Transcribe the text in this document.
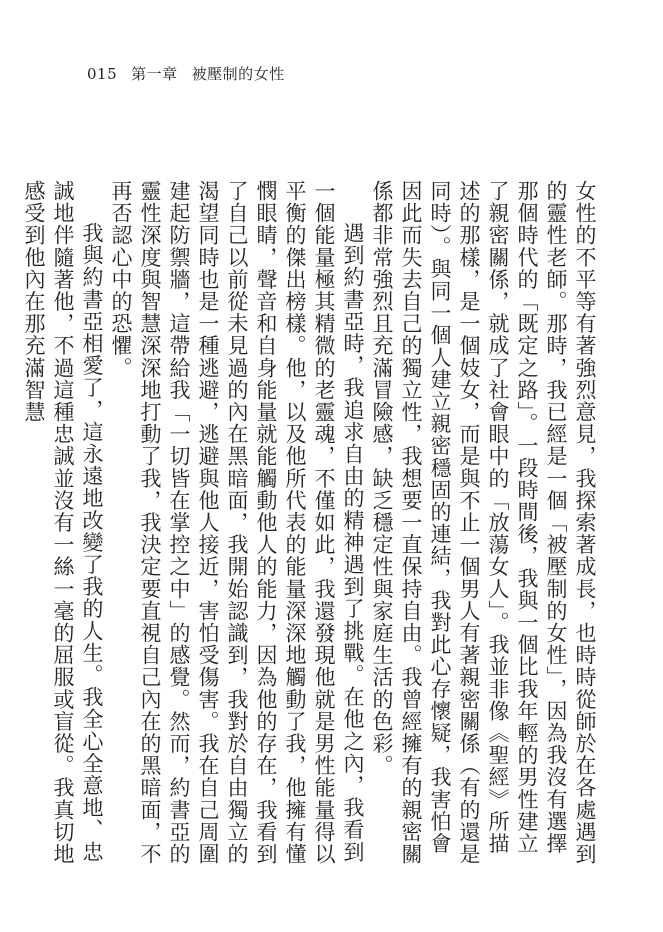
015 第一章 被壓制的女性

女性的不平等有著強烈意見，我探索著成長，也時時從師於在各處遇到的靈性老師。那時，我已經是一個「被壓制的女性」，因為我沒有選擇那個時代的「既定之路」。一段時間後，我與一個比我年輕的男性建立了親密關係，就成了社會眼中的「放蕩女人」。我並非像《聖經》所描述的那樣，是一個妓女，而是與不止一個男人有著親密關係（有的還是同時）。與同一個人建立親密穩固的連結，我對此心存懷疑，我害怕會因此而失去自己的獨立性，我想要一直保持自由。我曾經擁有的親密關係都非常強烈且充滿冒險感，缺乏穩定性與家庭生活的色彩。

遇到約書亞時，我追求自由的精神遇到了挑戰。在他之內，我看到一個能量極其精微的老靈魂，不僅如此，我還發現他就是男性能量得以平衡的傑出榜樣。他，以及他所代表的能量深深地觸動了我，他擁有懂憫眼睛，聲音和自身能量就能觸動他人的能力，因為他的存在，我看到了自己以前從未見過的內在黑暗面，我開始認識到，我對於自由獨立的渴望同時也是一種逃避，逃避與他人接近，害怕受傷害。我在自己周圍建起防禦牆，這帶給我「一切皆在掌控之中」的感覺。然而，約書亞的靈性深度與智慧深深地打動了我，我決定要直視自己內在的黑暗面，不再否認心中的恐懼。

我與約書亞相愛了，這永遠地改變了我的人生。我全心全意地、忠誠地伴隨著他，不過這種忠誠並沒有一絲一毫的屈服或盲從。我真切地感受到他內在那充滿智慧
